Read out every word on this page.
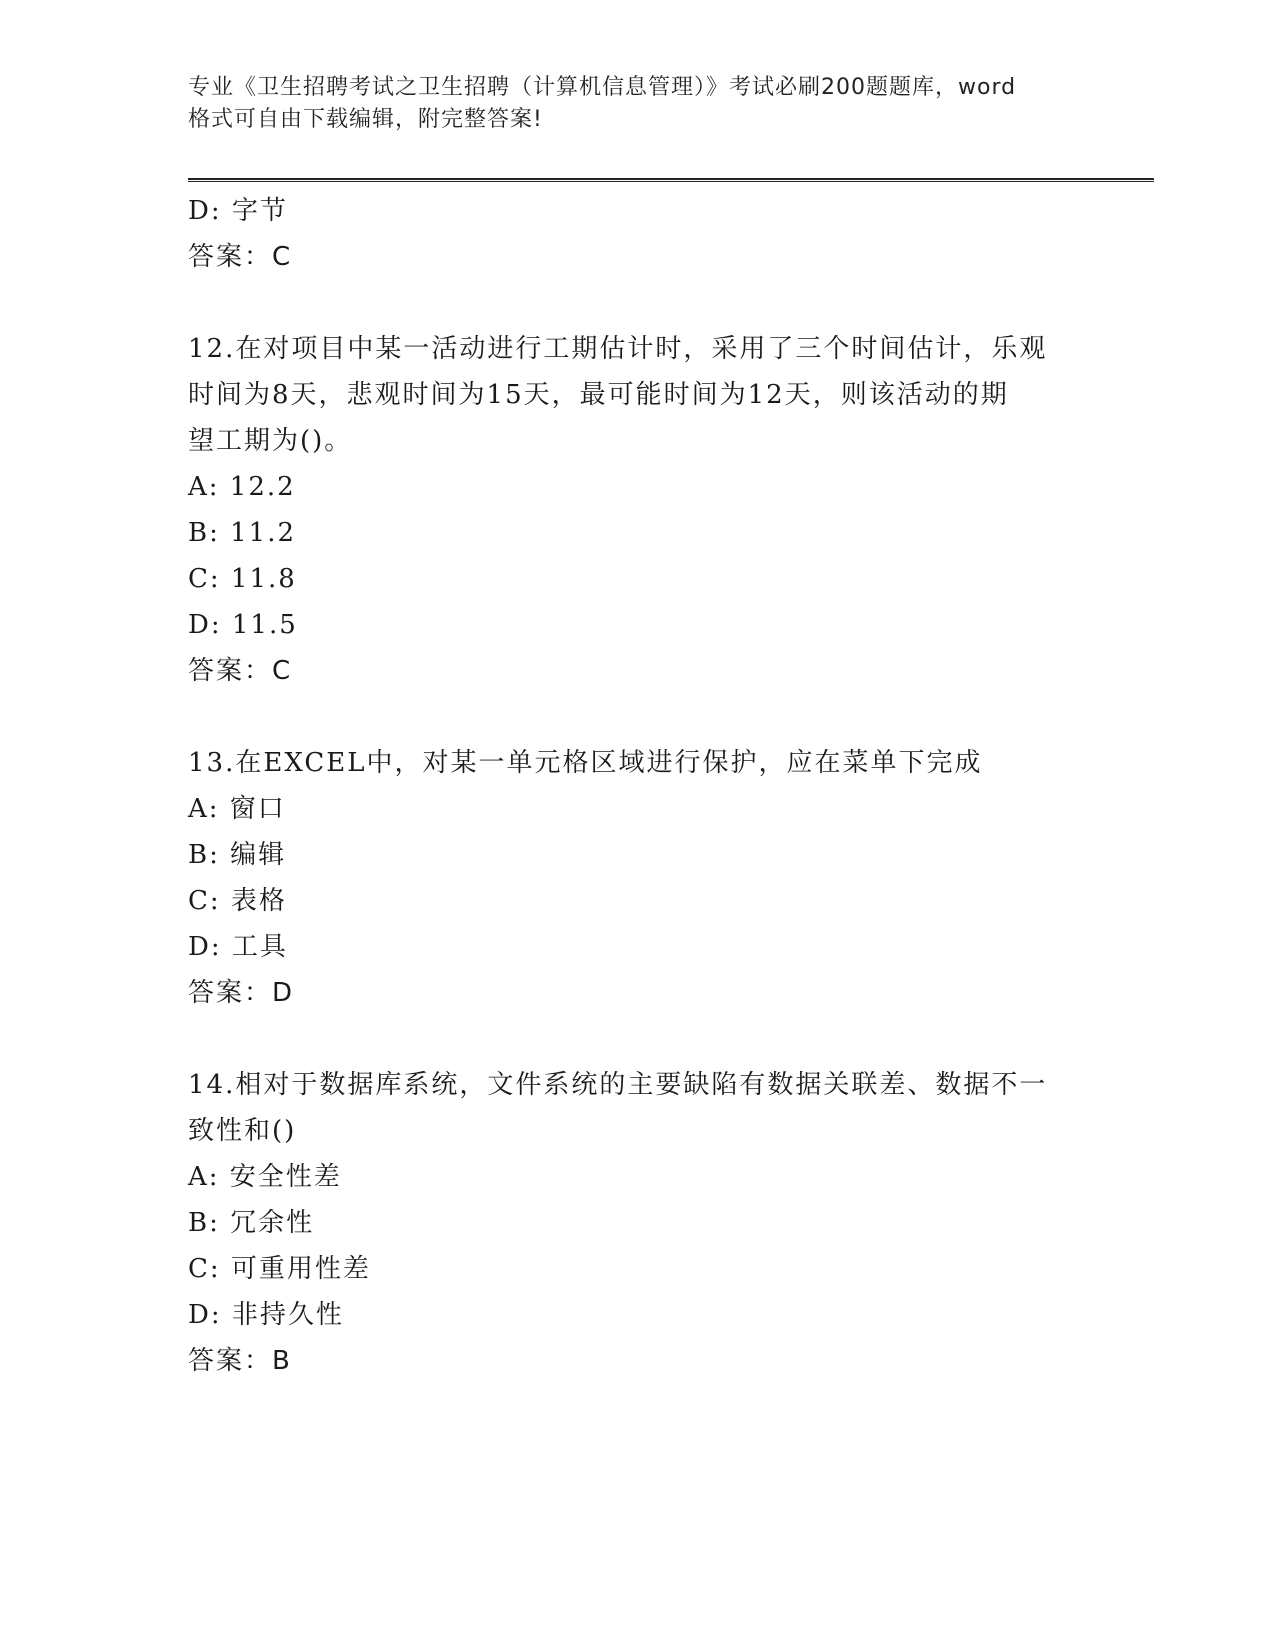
专业《卫生招聘考试之卫生招聘（计算机信息管理）》考试必刷200题题库，word
格式可自由下载编辑，附完整答案!
D: 字节
答案：C
12.在对项目中某一活动进行工期估计时，采用了三个时间估计，乐观
时间为8天，悲观时间为15天，最可能时间为12天，则该活动的期
望工期为()。
A: 12.2
B: 11.2
C: 11.8
D: 11.5
答案：C
13.在EXCEL中，对某一单元格区域进行保护，应在菜单下完成
A: 窗口
B: 编辑
C: 表格
D: 工具
答案：D
14.相对于数据库系统，文件系统的主要缺陷有数据关联差、数据不一
致性和()
A: 安全性差
B: 冗余性
C: 可重用性差
D: 非持久性
答案：B
